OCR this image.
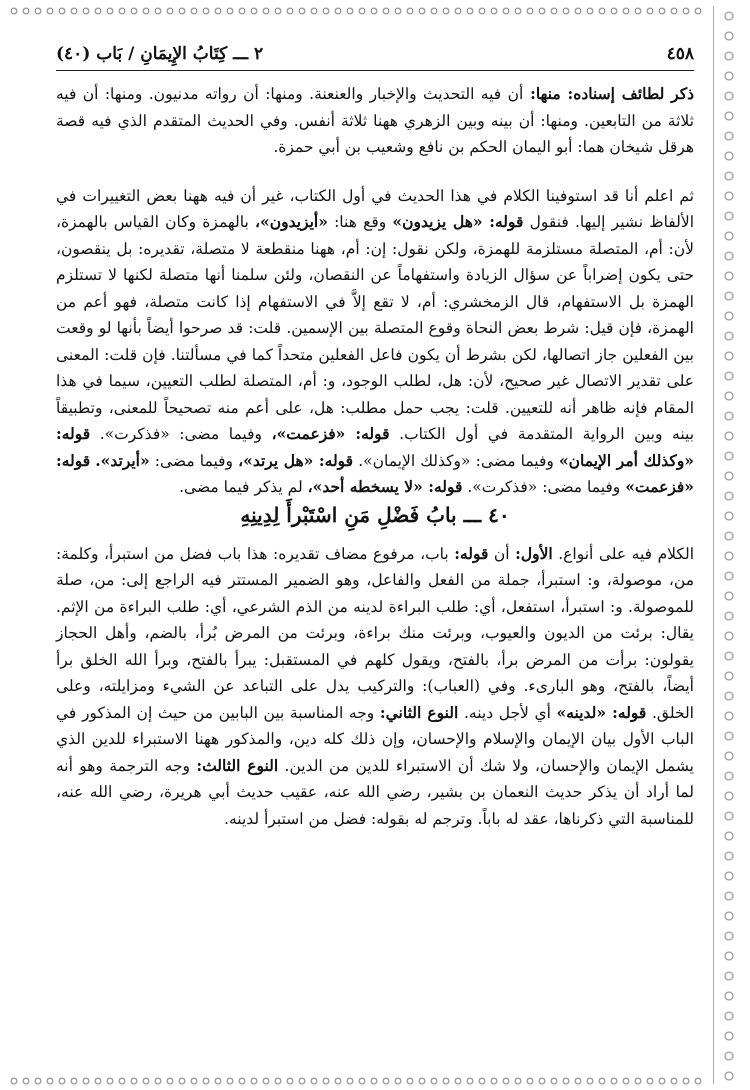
٤٥٨
٢ ـــ كِتَابُ الإِيمَانِ / بَاب (٤٠)

ذكر لطائف إسناده: منها: أن فيه التحديث والإخبار والعنعنة. ومنها: أن رواته مدنيون. ومنها: أن فيه ثلاثة من التابعين. ومنها: أن بينه وبين الزهري ههنا ثلاثة أنفس. وفي الحديث المتقدم الذي فيه قصة هرقل شيخان هما: أبو اليمان الحكم بن نافع وشعيب بن أبي حمزة.

ثم اعلم أنا قد استوفينا الكلام في هذا الحديث في أول الكتاب، غير أن فيه ههنا بعض التغييرات في الألفاظ نشير إليها. فنقول قوله: «هل يزيدون» وقع هنا: «أيزيدون»، بالهمزة وكان القياس بالهمزة، لأن: أم، المتصلة مستلزمة للهمزة، ولكن نقول: إن: أم، ههنا منقطعة لا متصلة، تقديره: بل ينقصون، حتى يكون إضراباً عن سؤال الزيادة واستفهاماً عن النقصان، ولئن سلمنا أنها متصلة لكنها لا تستلزم الهمزة بل الاستفهام، قال الزمخشري: أم، لا تقع إلاَّ في الاستفهام إذا كانت متصلة، فهو أعم من الهمزة، فإن قيل: شرط بعض النحاة وقوع المتصلة بين الإسمين. قلت: قد صرحوا أيضاً بأنها لو وقعت بين الفعلين جاز اتصالها، لكن بشرط أن يكون فاعل الفعلين متحداً كما في مسألتنا. فإن قلت: المعنى على تقدير الاتصال غير صحيح، لأن: هل، لطلب الوجود، و: أم، المتصلة لطلب التعيين، سيما في هذا المقام فإنه ظاهر أنه للتعيين. قلت: يجب حمل مطلب: هل، على أعم منه تصحيحاً للمعنى، وتطبيقاً بينه وبين الرواية المتقدمة في أول الكتاب. قوله: «فزعمت»، وفيما مضى: «فذكرت». قوله: «وكذلك أمر الإيمان» وفيما مضى: «وكذلك الإيمان». قوله: «هل يرتد»، وفيما مضى: «أيرتد». قوله: «فزعمت» وفيما مضى: «فذكرت». قوله: «لا يسخطه أحد»، لم يذكر فيما مضى.

٤٠ ـــ بابُ فَضْلِ مَنِ اسْتَبْرأَ لِدِينِهِ

الكلام فيه على أنواع. الأول: أن قوله: باب، مرفوع مضاف تقديره: هذا باب فضل من استبرأ، وكلمة: من، موصولة، و: استبرأ، جملة من الفعل والفاعل، وهو الضمير المستتر فيه الراجع إلى: من، صلة للموصولة. و: استبرأ، استفعل، أي: طلب البراءة لدينه من الذم الشرعي، أي: طلب البراءة من الإثم. يقال: برئت من الديون والعيوب، وبرئت منك براءة، وبرئت من المرض بُرأ، بالضم، وأهل الحجاز يقولون: برأت من المرض برأ، بالفتح، ويقول كلهم في المستقبل: يبرأ بالفتح، وبرأ الله الخلق برأ أيضاً، بالفتح، وهو البارىء. وفي (العباب): والتركيب يدل على التباعد عن الشيء ومزايلته، وعلى الخلق. قوله: «لدينه» أي لأجل دينه. النوع الثاني: وجه المناسبة بين البابين من حيث إن المذكور في الباب الأول بيان الإيمان والإسلام والإحسان، وإن ذلك كله دين، والمذكور ههنا الاستبراء للدين الذي يشمل الإيمان والإحسان، ولا شك أن الاستبراء للدين من الدين. النوع الثالث: وجه الترجمة وهو أنه لما أراد أن يذكر حديث النعمان بن بشير، رضي الله عنه، عقيب حديث أبي هريرة، رضي الله عنه، للمناسبة التي ذكرناها، عقد له باباً. وترجم له بقوله: فضل من استبرأ لدينه.
